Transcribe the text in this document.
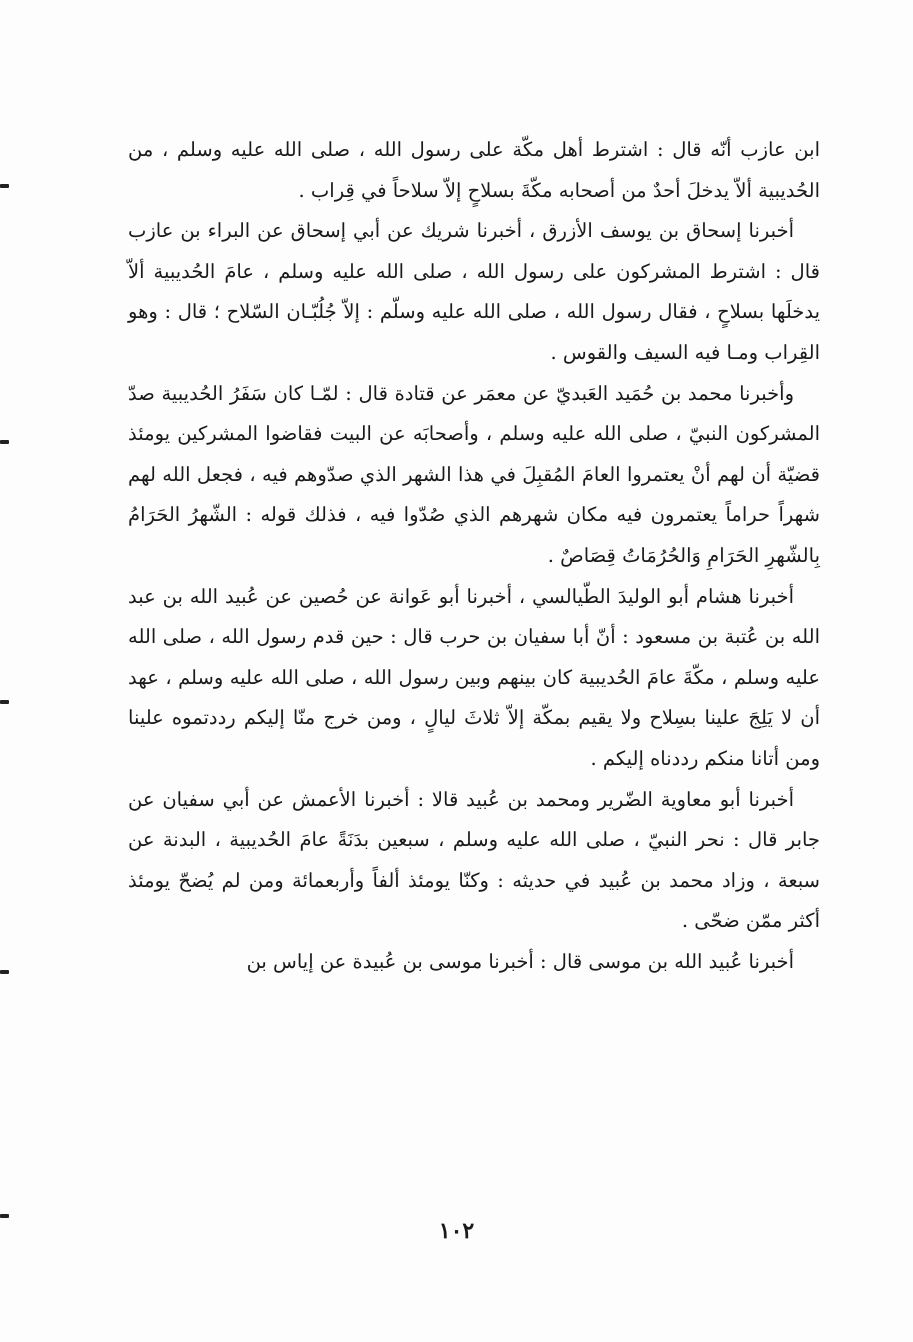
ابن عازب أنّه قال : اشترط أهل مكّة على رسول الله ، صلى الله عليه وسلم ، من الحُديبية ألاّ يدخلَ أحدٌ من أصحابه مكّةَ بسلاحٍ إلاّ سلاحاً في قِراب .

أخبرنا إسحاق بن يوسف الأزرق ، أخبرنا شريك عن أبي إسحاق عن البراء بن عازب قال : اشترط المشركون على رسول الله ، صلى الله عليه وسلم ، عامَ الحُديبية ألاّ يدخلَها بسلاحٍ ، فقال رسول الله ، صلى الله عليه وسلّم : إلاّ جُلُبّـان السّلاح ؛ قال : وهو القِراب ومـا فيه السيف والقوس .

وأخبرنا محمد بن حُمَيد العَبديّ عن معمَر عن قتادة قال : لمّـا كان سَفَرُ الحُديبية صدّ المشركون النبيّ ، صلى الله عليه وسلم ، وأصحابَه عن البيت فقاضوا المشركين يومئذ قضيّة أن لهم أنْ يعتمروا العامَ المُقبِلَ في هذا الشهر الذي صدّوهم فيه ، فجعل الله لهم شهراً حراماً يعتمرون فيه مكان شهرهم الذي صُدّوا فيه ، فذلك قوله : الشّهرُ الحَرَامُ بِالشّهرِ الحَرَامِ وَالحُرُمَاتُ قِصَاصٌ .

أخبرنا هشام أبو الوليدَ الطّيالسي ، أخبرنا أبو عَوانة عن حُصين عن عُبيد الله بن عبد الله بن عُتبة بن مسعود : أنّ أبا سفيان بن حرب قال : حين قدم رسول الله ، صلى الله عليه وسلم ، مكّةَ عامَ الحُديبية كان بينهم وبين رسول الله ، صلى الله عليه وسلم ، عهد أن لا يَلِجَ علينا بسِلاح ولا يقيم بمكّة إلاّ ثلاثَ ليالٍ ، ومن خرج منّا إليكم رددتموه علينا ومن أتانا منكم رددناه إليكم .

أخبرنا أبو معاوية الضّرير ومحمد بن عُبيد قالا : أخبرنا الأعمش عن أبي سفيان عن جابر قال : نحر النبيّ ، صلى الله عليه وسلم ، سبعين بدَنَةً عامَ الحُديبية ، البدنة عن سبعة ، وزاد محمد بن عُبيد في حديثه : وكنّا يومئذ ألفاً وأربعمائة ومن لم يُضحّ يومئذ أكثر ممّن ضحّى .

أخبرنا عُبيد الله بن موسى قال : أخبرنا موسى بن عُبيدة عن إياس بن

١٠٢
